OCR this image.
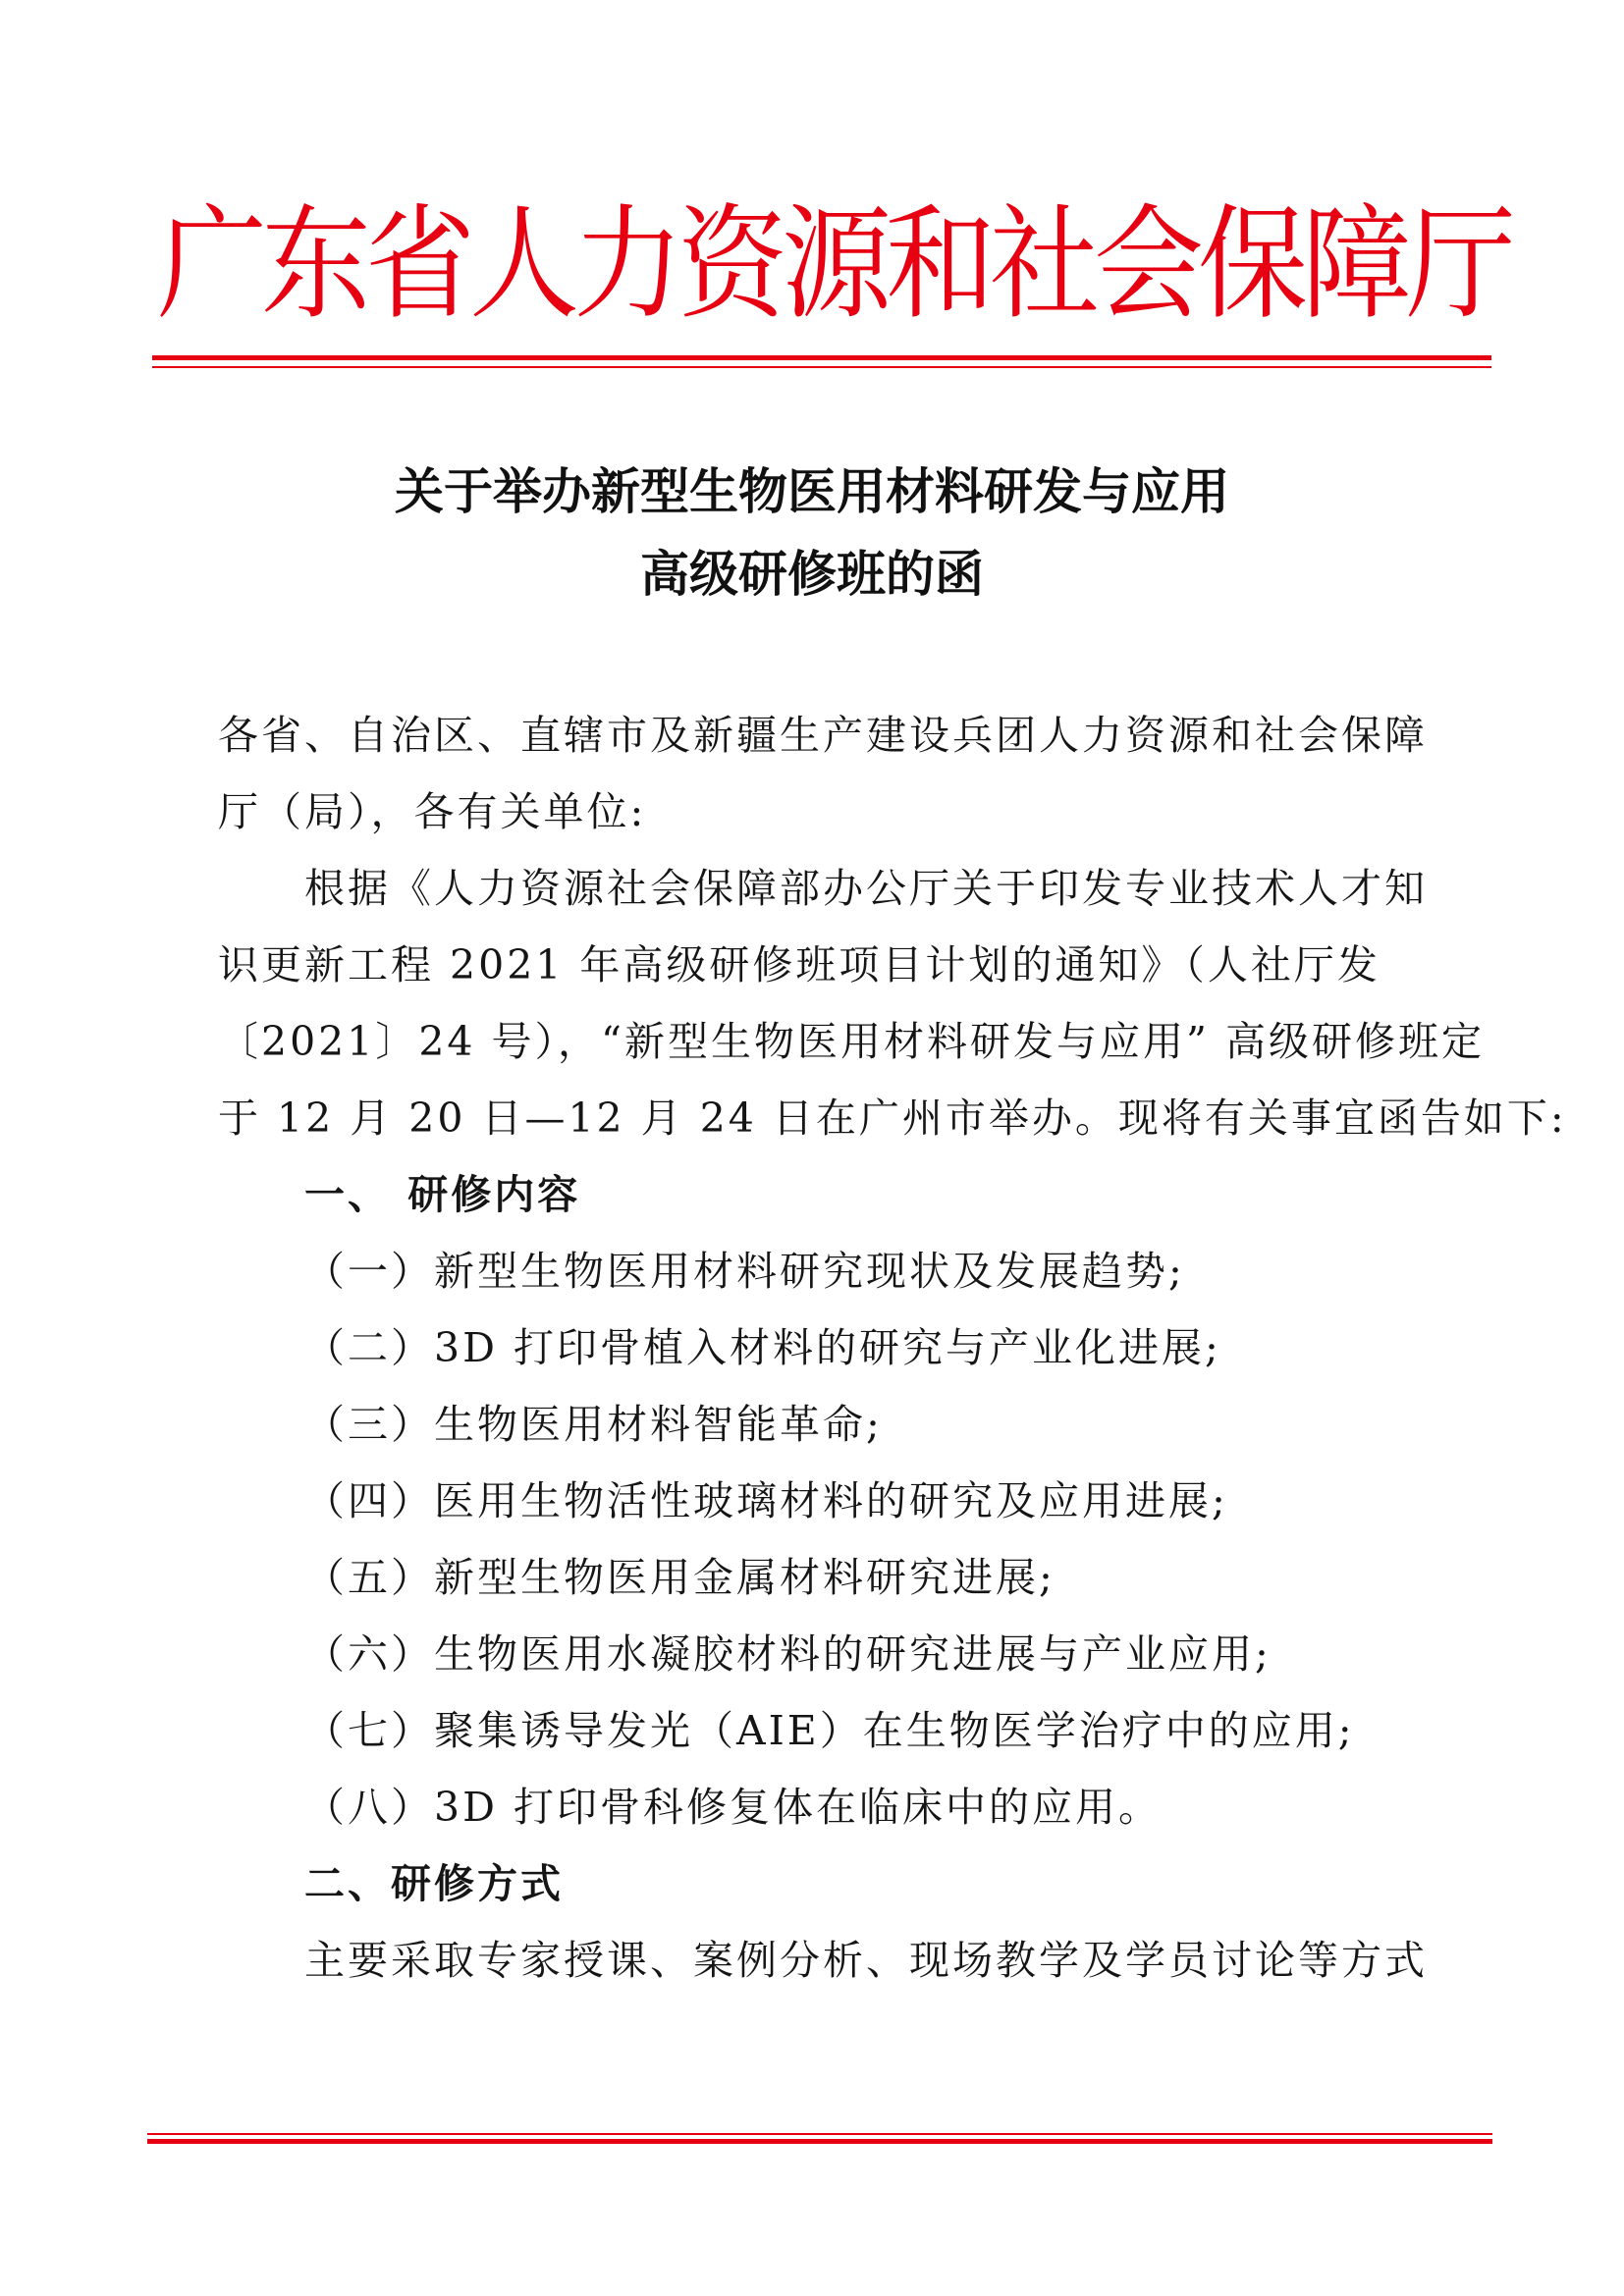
广东省人力资源和社会保障厅
关于举办新型生物医用材料研发与应用
高级研修班的函
各省、自治区、直辖市及新疆生产建设兵团人力资源和社会保障
厅（局），各有关单位:
根据《人力资源社会保障部办公厅关于印发专业技术人才知
识更新工程 2021 年高级研修班项目计划的通知》（人社厅发
〔2021〕24 号），“新型生物医用材料研发与应用” 高级研修班定
于 12 月 20 日—12 月 24 日在广州市举办。现将有关事宜函告如下:
一、 研修内容
（一）新型生物医用材料研究现状及发展趋势;
（二）3D 打印骨植入材料的研究与产业化进展;
（三）生物医用材料智能革命;
（四）医用生物活性玻璃材料的研究及应用进展;
（五）新型生物医用金属材料研究进展;
（六）生物医用水凝胶材料的研究进展与产业应用;
（七）聚集诱导发光（AIE）在生物医学治疗中的应用;
（八）3D 打印骨科修复体在临床中的应用。
二、研修方式
主要采取专家授课、案例分析、现场教学及学员讨论等方式
